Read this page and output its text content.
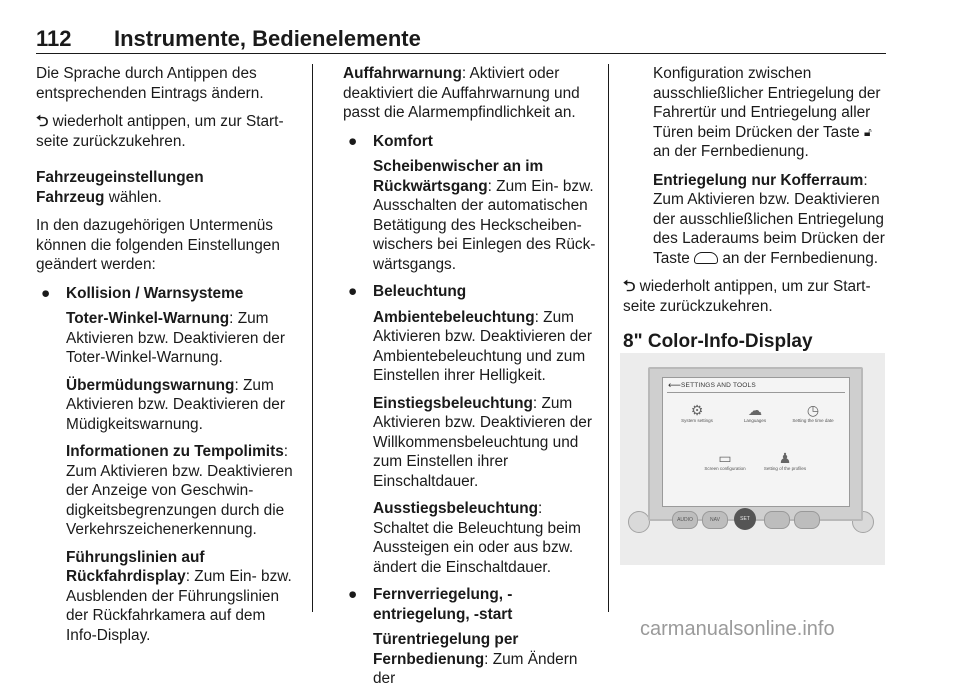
112 Instrumente, Bedienelemente

Die Sprache durch Antippen des entsprechenden Eintrags ändern.

⮌ wiederholt antippen, um zur Startseite zurückzukehren.

Fahrzeugeinstellungen

Fahrzeug wählen.

In den dazugehörigen Untermenüs können die folgenden Einstellungen geändert werden:

● Kollision / Warnsysteme

Toter-Winkel-Warnung: Zum Aktivieren bzw. Deaktivieren der Toter-Winkel-Warnung.

Übermüdungswarnung: Zum Aktivieren bzw. Deaktivieren der Müdigkeitswarnung.

Informationen zu Tempolimits: Zum Aktivieren bzw. Deaktivieren der Anzeige von Geschwindigkeitsbegrenzungen durch die Verkehrszeichenerkennung.

Führungslinien auf Rückfahrdisplay: Zum Ein- bzw. Ausblenden der Führungslinien der Rückfahrkamera auf dem Info-Display.

Auffahrwarnung: Aktiviert oder deaktiviert die Auffahrwarnung und passt die Alarmempfindlichkeit an.

● Komfort

Scheibenwischer an im Rückwärtsgang: Zum Ein- bzw. Ausschalten der automatischen Betätigung des Heckscheibenwischers bei Einlegen des Rückwärtsgangs.

● Beleuchtung

Ambientebeleuchtung: Zum Aktivieren bzw. Deaktivieren der Ambientebeleuchtung und zum Einstellen ihrer Helligkeit.

Einstiegsbeleuchtung: Zum Aktivieren bzw. Deaktivieren der Willkommensbeleuchtung und zum Einstellen ihrer Einschaltdauer.

Ausstiegsbeleuchtung: Schaltet die Beleuchtung beim Aussteigen ein oder aus bzw. ändert die Einschaltdauer.

● Fernverriegelung, -entriegelung, -start

Türentriegelung per Fernbedienung: Zum Ändern der

Konfiguration zwischen ausschließlicher Entriegelung der Fahrertür und Entriegelung aller Türen beim Drücken der Taste 🔓︎ an der Fernbedienung.

Entriegelung nur Kofferraum: Zum Aktivieren bzw. Deaktivieren der ausschließlichen Entriegelung des Laderaums beim Drücken der Taste  an der Fernbedienung.

⮌ wiederholt antippen, um zur Startseite zurückzukehren.

8" Color-Info-Display
⟵ SETTINGS AND TOOLS
⚙
System settings
☁
Languages
◷
Setting the time date
▭
Screen configuration
♟
Setting of the profiles
AUDIO	NAV	SET
carmanualsonline.info
